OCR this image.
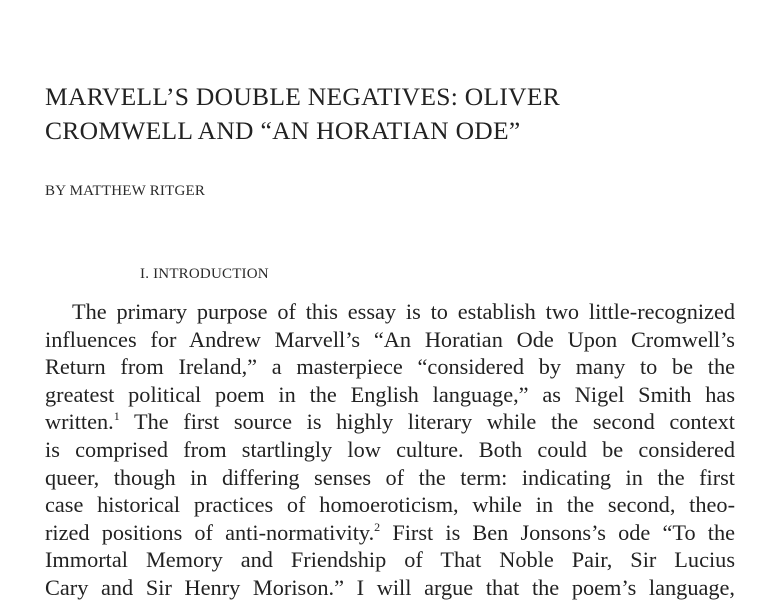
MARVELL’S DOUBLE NEGATIVES: OLIVER
CROMWELL AND “AN HORATIAN ODE”
BY MATTHEW RITGER
I. INTRODUCTION
The primary purpose of this essay is to establish two little-recognized
influences for Andrew Marvell’s “An Horatian Ode Upon Cromwell’s
Return from Ireland,” a masterpiece “considered by many to be the
greatest political poem in the English language,” as Nigel Smith has
written.$^1$ The first source is highly literary while the second context
is comprised from startlingly low culture. Both could be considered
queer, though in differing senses of the term: indicating in the first
case historical practices of homoeroticism, while in the second, theo-
rized positions of anti-normativity.$^2$ First is Ben Jonsons’s ode “To the
Immortal Memory and Friendship of That Noble Pair, Sir Lucius
Cary and Sir Henry Morison.” I will argue that the poem’s language,
